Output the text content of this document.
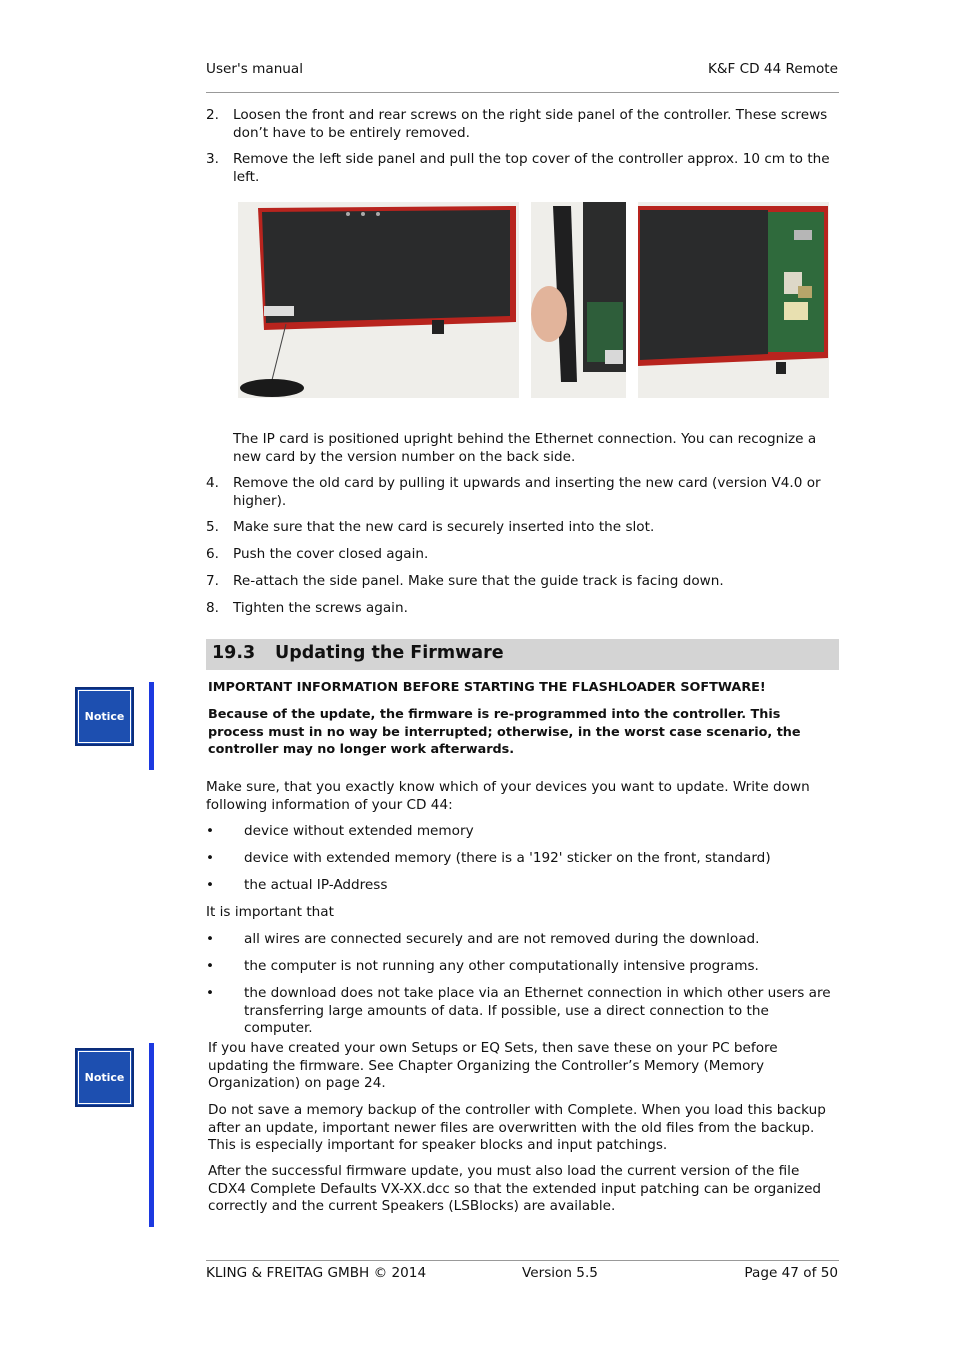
User's manual	K&F CD 44 Remote
2. Loosen the front and rear screws on the right side panel of the controller. These screws don’t have to be entirely removed.
3. Remove the left side panel and pull the top cover of the controller approx. 10 cm to the left.
The IP card is positioned upright behind the Ethernet connection. You can recognize a new card by the version number on the back side.
4. Remove the old card by pulling it upwards and inserting the new card (version V4.0 or higher).
5. Make sure that the new card is securely inserted into the slot.
6. Push the cover closed again.
7. Re-attach the side panel. Make sure that the guide track is facing down.
8. Tighten the screws again.
19.3 Updating the Firmware
Notice
IMPORTANT INFORMATION BEFORE STARTING THE FLASHLOADER SOFTWARE!
Because of the update, the firmware is re-programmed into the controller. This process must in no way be interrupted; otherwise, in the worst case scenario, the controller may no longer work afterwards.
Make sure, that you exactly know which of your devices you want to update. Write down following information of your CD 44:
• device without extended memory
• device with extended memory (there is a '192' sticker on the front, standard)
• the actual IP-Address
It is important that
• all wires are connected securely and are not removed during the download.
• the computer is not running any other computationally intensive programs.
• the download does not take place via an Ethernet connection in which other users are transferring large amounts of data. If possible, use a direct connection to the computer.
Notice
If you have created your own Setups or EQ Sets, then save these on your PC before updating the firmware. See Chapter Organizing the Controller’s Memory (Memory Organization) on page 24.
Do not save a memory backup of the controller with Complete. When you load this backup after an update, important newer files are overwritten with the old files from the backup. This is especially important for speaker blocks and input patchings.
After the successful firmware update, you must also load the current version of the file CDX4 Complete Defaults VX-XX.dcc so that the extended input patching can be organized correctly and the current Speakers (LSBlocks) are available.
KLING & FREITAG GMBH © 2014	Version 5.5	Page 47 of 50
